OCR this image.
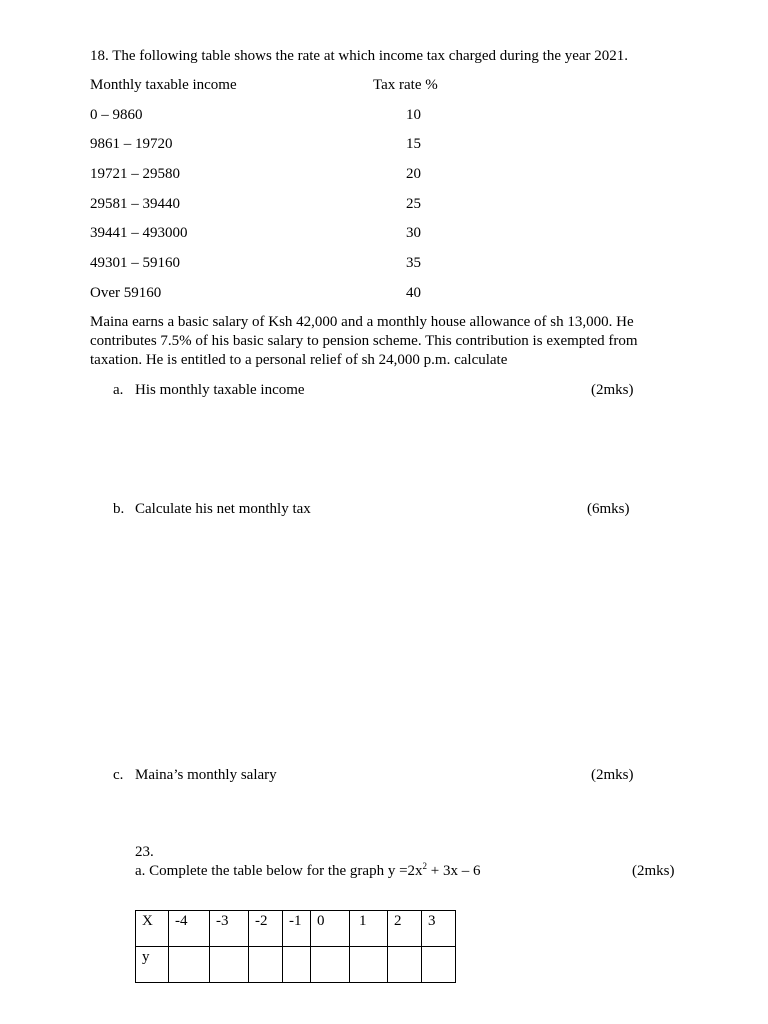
18. The following table shows the rate at which income tax charged during the year 2021.
Monthly taxable income	Tax rate %
0 – 9860	10
9861 – 19720	15
19721 – 29580	20
29581 – 39440	25
39441 – 493000	30
49301 – 59160	35
Over 59160	40
Maina earns a basic salary of Ksh 42,000 and a monthly house allowance of sh 13,000. He contributes 7.5% of his basic salary to pension scheme. This contribution is exempted from taxation. He is entitled to a personal relief of sh 24,000 p.m. calculate
a. His monthly taxable income	(2mks)
b. Calculate his net monthly tax	(6mks)
c. Maina’s monthly salary	(2mks)
23.
a. Complete the table below for the graph $y =2x^2 + 3x - 6$	(2mks)
X	-4	-3	-2	-1	0	1	2	3
y								
